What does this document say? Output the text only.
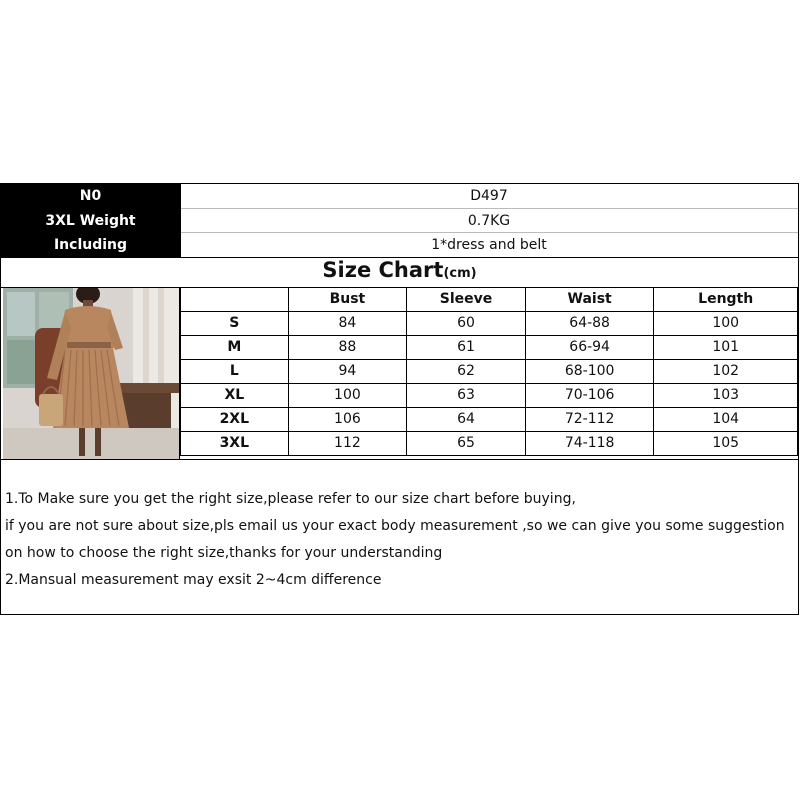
N0	D497
3XL Weight	0.7KG
Including	1*dress and belt
Size Chart(cm)
	Bust	Sleeve	Waist	Length
S	84	60	64-88	100
M	88	61	66-94	101
L	94	62	68-100	102
XL	100	63	70-106	103
2XL	106	64	72-112	104
3XL	112	65	74-118	105
1.To Make sure you get the right size,please refer to our size chart before buying,
if you are not sure about size,pls email us your exact body measurement ,so we can give you some suggestion
on how to choose the right size,thanks for your understanding
2.Mansual measurement may exsit 2~4cm difference
